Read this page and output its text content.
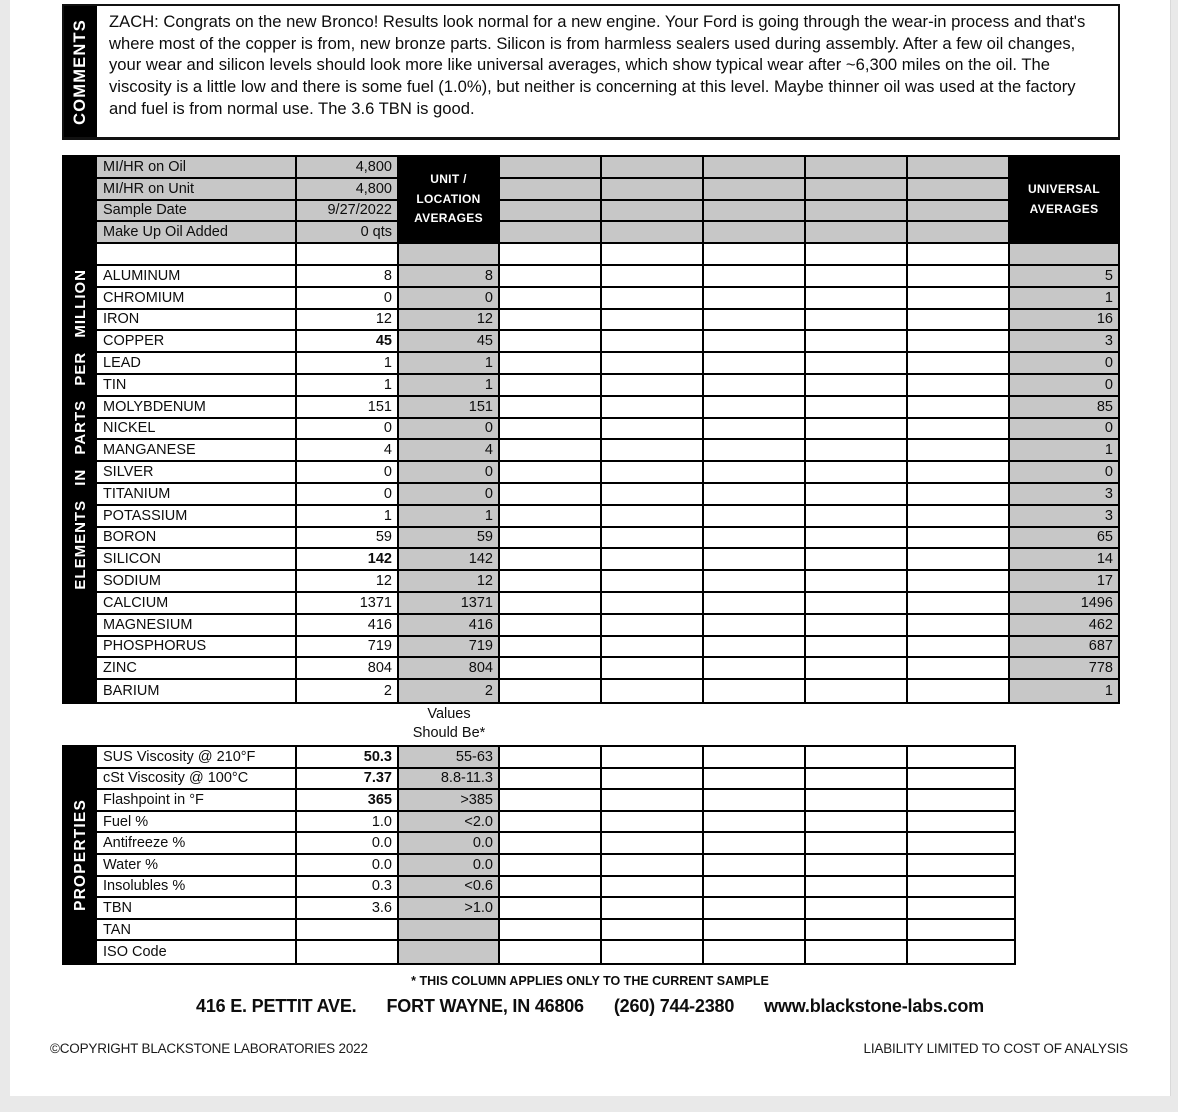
COMMENTS	ZACH: Congrats on the new Bronco! Results look normal for a new engine. Your Ford is going through the wear-in process and that's where most of the copper is from, new bronze parts. Silicon is from harmless sealers used during assembly. After a few oil changes, your wear and silicon levels should look more like universal averages, which show typical wear after ~6,300 miles on the oil. The viscosity is a little low and there is some fuel (1.0%), but neither is concerning at this level. Maybe thinner oil was used at the factory and fuel is from normal use. The 3.6 TBN is good.
ELEMENTS IN PARTS PER MILLION
MI/HR on Oil	4,800
MI/HR on Unit	4,800
Sample Date	9/27/2022
Make Up Oil Added	0 qts
UNIT /
LOCATION
AVERAGES
UNIVERSAL
AVERAGES
ALUMINUM	8	8	5
CHROMIUM	0	0	1
IRON	12	12	16
COPPER	45	45	3
LEAD	1	1	0
TIN	1	1	0
MOLYBDENUM	151	151	85
NICKEL	0	0	0
MANGANESE	4	4	1
SILVER	0	0	0
TITANIUM	0	0	3
POTASSIUM	1	1	3
BORON	59	59	65
SILICON	142	142	14
SODIUM	12	12	17
CALCIUM	1371	1371	1496
MAGNESIUM	416	416	462
PHOSPHORUS	719	719	687
ZINC	804	804	778
BARIUM	2	2	1
Values
Should Be*
PROPERTIES
SUS Viscosity @ 210°F	50.3	55-63
cSt Viscosity @ 100°C	7.37	8.8-11.3
Flashpoint in °F	365	>385
Fuel %	1.0	<2.0
Antifreeze %	0.0	0.0
Water %	0.0	0.0
Insolubles %	0.3	<0.6
TBN	3.6	>1.0
TAN
ISO Code
* THIS COLUMN APPLIES ONLY TO THE CURRENT SAMPLE
416 E. PETTIT AVE. FORT WAYNE, IN 46806 (260) 744-2380 www.blackstone-labs.com
©COPYRIGHT BLACKSTONE LABORATORIES 2022	LIABILITY LIMITED TO COST OF ANALYSIS
